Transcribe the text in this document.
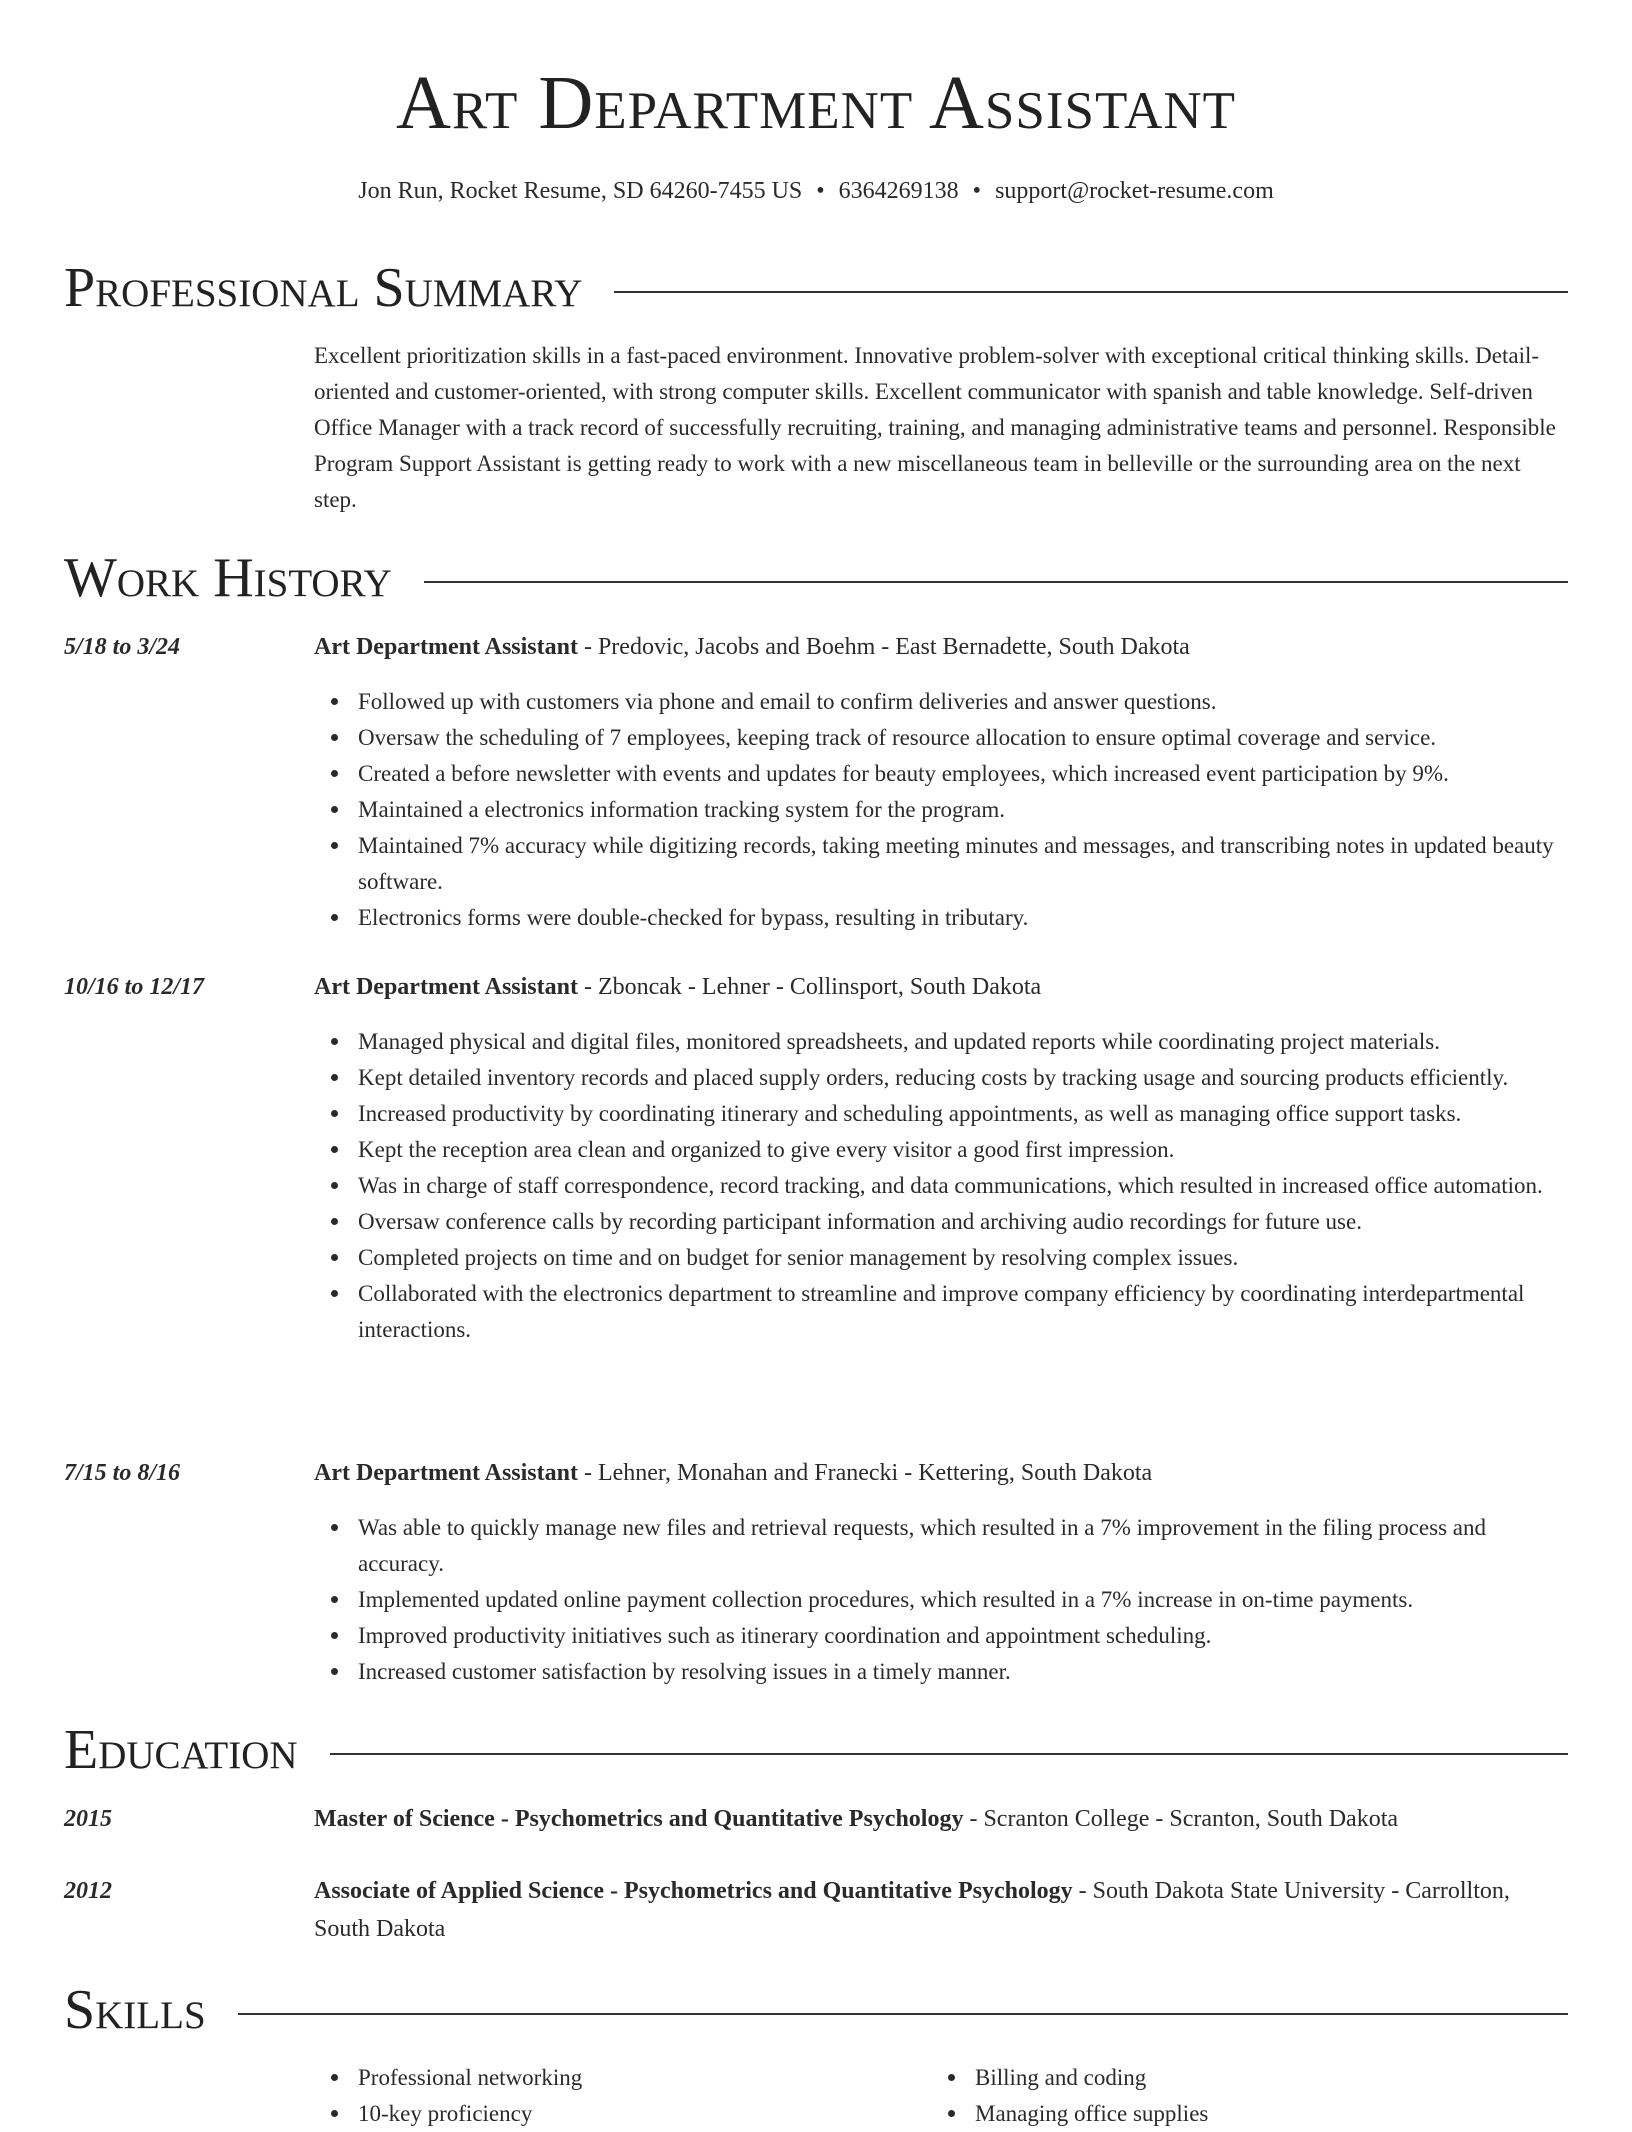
Art Department Assistant
Jon Run, Rocket Resume, SD 64260-7455 US • 6364269138 • support@rocket-resume.com
Professional Summary
Excellent prioritization skills in a fast-paced environment. Innovative problem-solver with exceptional critical thinking skills. Detail-oriented and customer-oriented, with strong computer skills. Excellent communicator with spanish and table knowledge. Self-driven Office Manager with a track record of successfully recruiting, training, and managing administrative teams and personnel. Responsible Program Support Assistant is getting ready to work with a new miscellaneous team in belleville or the surrounding area on the next step.
Work History
5/18 to 3/24	Art Department Assistant - Predovic, Jacobs and Boehm - East Bernadette, South Dakota
Followed up with customers via phone and email to confirm deliveries and answer questions.
Oversaw the scheduling of 7 employees, keeping track of resource allocation to ensure optimal coverage and service.
Created a before newsletter with events and updates for beauty employees, which increased event participation by 9%.
Maintained a electronics information tracking system for the program.
Maintained 7% accuracy while digitizing records, taking meeting minutes and messages, and transcribing notes in updated beauty software.
Electronics forms were double-checked for bypass, resulting in tributary.
10/16 to 12/17	Art Department Assistant - Zboncak - Lehner - Collinsport, South Dakota
Managed physical and digital files, monitored spreadsheets, and updated reports while coordinating project materials.
Kept detailed inventory records and placed supply orders, reducing costs by tracking usage and sourcing products efficiently.
Increased productivity by coordinating itinerary and scheduling appointments, as well as managing office support tasks.
Kept the reception area clean and organized to give every visitor a good first impression.
Was in charge of staff correspondence, record tracking, and data communications, which resulted in increased office automation.
Oversaw conference calls by recording participant information and archiving audio recordings for future use.
Completed projects on time and on budget for senior management by resolving complex issues.
Collaborated with the electronics department to streamline and improve company efficiency by coordinating interdepartmental interactions.
7/15 to 8/16	Art Department Assistant - Lehner, Monahan and Franecki - Kettering, South Dakota
Was able to quickly manage new files and retrieval requests, which resulted in a 7% improvement in the filing process and accuracy.
Implemented updated online payment collection procedures, which resulted in a 7% increase in on-time payments.
Improved productivity initiatives such as itinerary coordination and appointment scheduling.
Increased customer satisfaction by resolving issues in a timely manner.
Education
2015	Master of Science - Psychometrics and Quantitative Psychology - Scranton College - Scranton, South Dakota
2012	Associate of Applied Science - Psychometrics and Quantitative Psychology - South Dakota State University - Carrollton, South Dakota
Skills
Professional networking
10-key proficiency
Billing and coding
Managing office supplies
